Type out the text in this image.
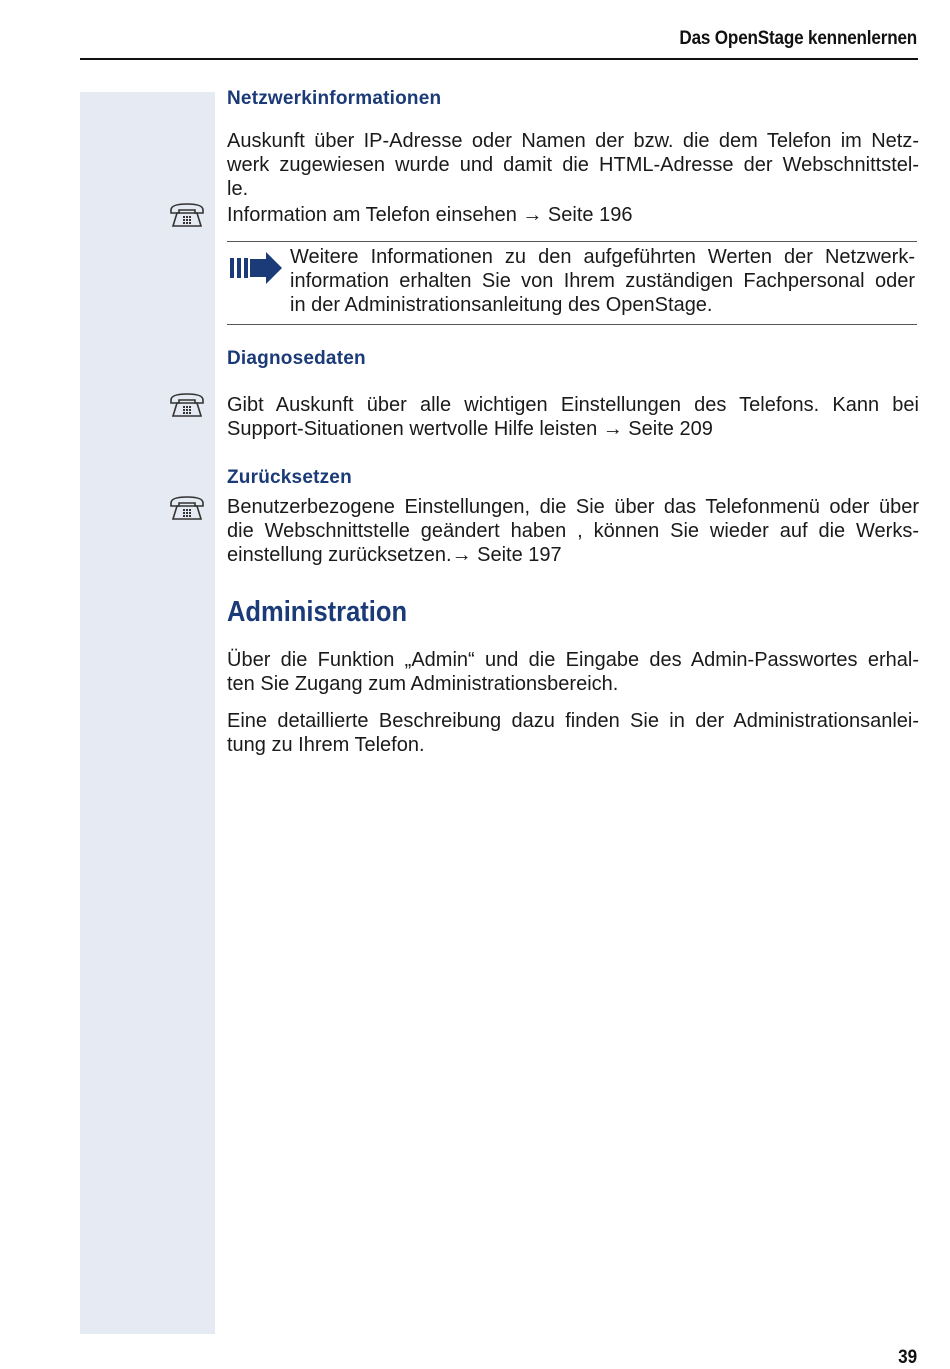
Das OpenStage kennenlernen
Netzwerkinformationen
Auskunft über IP-Adresse oder Namen der bzw. die dem Telefon im Netz-
werk zugewiesen wurde und damit die HTML-Adresse der Webschnittstel-
le.
Information am Telefon einsehen → Seite 196
Weitere Informationen zu den aufgeführten Werten der Netzwerk-
information erhalten Sie von Ihrem zuständigen Fachpersonal oder
in der Administrationsanleitung des OpenStage.
Diagnosedaten
Gibt Auskunft über alle wichtigen Einstellungen des Telefons. Kann bei
Support-Situationen wertvolle Hilfe leisten → Seite 209
Zurücksetzen
Benutzerbezogene Einstellungen, die Sie über das Telefonmenü oder über
die Webschnittstelle geändert haben , können Sie wieder auf die Werks-
einstellung zurücksetzen.→ Seite 197
Administration
Über die Funktion „Admin“ und die Eingabe des Admin-Passwortes erhal-
ten Sie Zugang zum Administrationsbereich.
Eine detaillierte Beschreibung dazu finden Sie in der Administrationsanlei-
tung zu Ihrem Telefon.
39
